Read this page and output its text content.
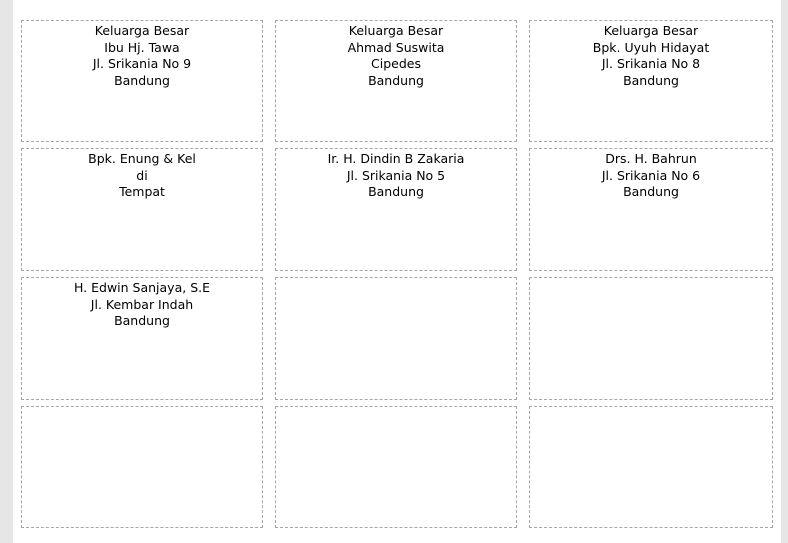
Keluarga Besar
Ibu Hj. Tawa
Jl. Srikania No 9
Bandung
Keluarga Besar
Ahmad Suswita
Cipedes
Bandung
Keluarga Besar
Bpk. Uyuh Hidayat
Jl. Srikania No 8
Bandung
Bpk. Enung & Kel
di
Tempat
Ir. H. Dindin B Zakaria
Jl. Srikania No 5
Bandung
Drs. H. Bahrun
Jl. Srikania No 6
Bandung
H. Edwin Sanjaya, S.E
Jl. Kembar Indah
Bandung
